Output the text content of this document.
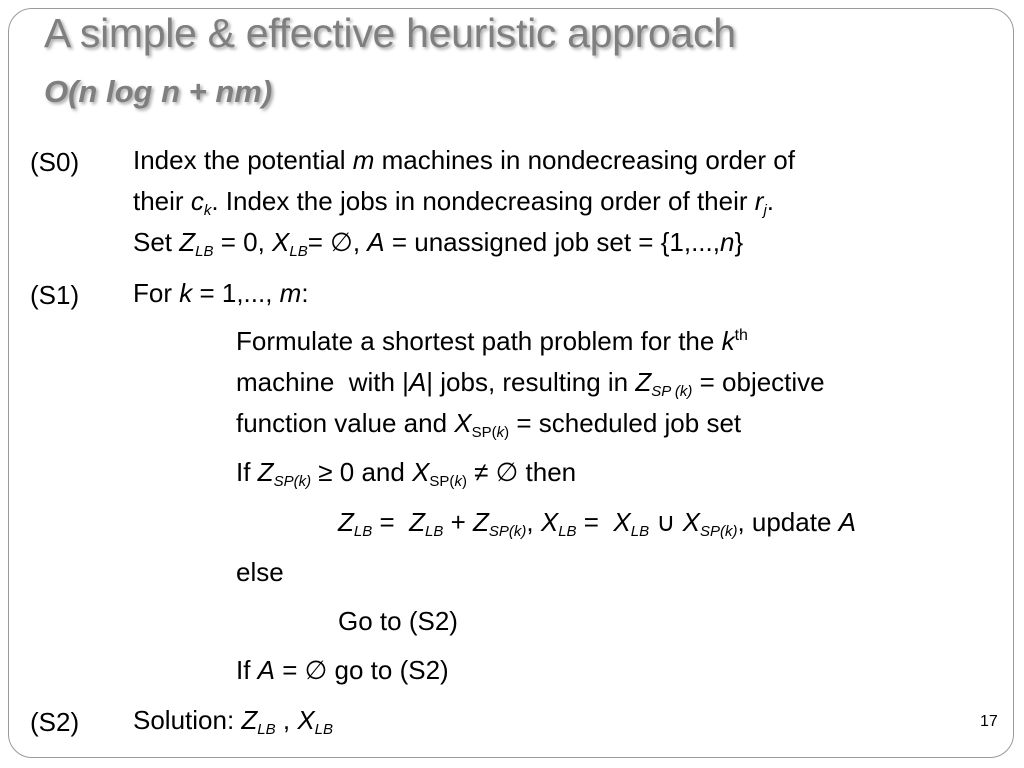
A simple & effective heuristic approach
O(n log n + nm)
(S0) Index the potential m machines in nondecreasing order of
their $c_k$. Index the jobs in nondecreasing order of their $r_j$.
Set $Z_{LB} = 0$, $X_{LB}=$ ∅, A = unassigned job set = {1,...,n}
(S1) For k = 1,..., m:
Formulate a shortest path problem for the $k^{th}$
machine  with |A| jobs, resulting in $Z_{SP (k)}$ = objective
function value and $X_{SP(k)}$ = scheduled job set
If $Z_{SP(k)} \ge 0$ and $X_{SP(k)}$ ≠ ∅ then
$Z_{LB} = Z_{LB} + Z_{SP(k)}$, $X_{LB} = X_{LB}$ ∪ $X_{SP(k)}$, update A
else
Go to (S2)
If A = ∅ go to (S2)
(S2) Solution: $Z_{LB}$ , $X_{LB}$	17
